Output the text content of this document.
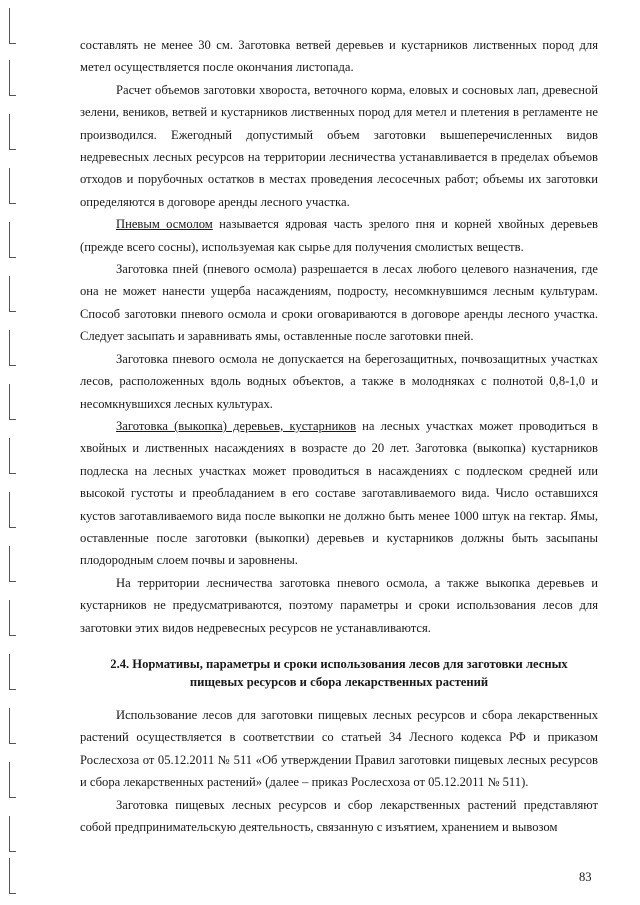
составлять не менее 30 см. Заготовка ветвей деревьев и кустарников лиственных пород для метел осуществляется после окончания листопада.

Расчет объемов заготовки хвороста, веточного корма, еловых и сосновых лап, древесной зелени, веников, ветвей и кустарников лиственных пород для метел и плетения в регламенте не производился. Ежегодный допустимый объем заготовки вышеперечисленных видов недревесных лесных ресурсов на территории лесничества устанавливается в пределах объемов отходов и порубочных остатков в местах проведения лесосечных работ; объемы их заготовки определяются в договоре аренды лесного участка.

Пневым осмолом называется ядровая часть зрелого пня и корней хвойных деревьев (прежде всего сосны), используемая как сырье для получения смолистых веществ.

Заготовка пней (пневого осмола) разрешается в лесах любого целевого назначения, где она не может нанести ущерба насаждениям, подросту, несомкнувшимся лесным культурам. Способ заготовки пневого осмола и сроки оговариваются в договоре аренды лесного участка. Следует засыпать и заравнивать ямы, оставленные после заготовки пней.

Заготовка пневого осмола не допускается на берегозащитных, почвозащитных участках лесов, расположенных вдоль водных объектов, а также в молодняках с полнотой 0,8-1,0 и несомкнувшихся лесных культурах.

Заготовка (выкопка) деревьев, кустарников на лесных участках может проводиться в хвойных и лиственных насаждениях в возрасте до 20 лет. Заготовка (выкопка) кустарников подлеска на лесных участках может проводиться в насаждениях с подлеском средней или высокой густоты и преобладанием в его составе заготавливаемого вида. Число оставшихся кустов заготавливаемого вида после выкопки не должно быть менее 1000 штук на гектар. Ямы, оставленные после заготовки (выкопки) деревьев и кустарников должны быть засыпаны плодородным слоем почвы и заровнены.

На территории лесничества заготовка пневого осмола, а также выкопка деревьев и кустарников не предусматриваются, поэтому параметры и сроки использования лесов для заготовки этих видов недревесных ресурсов не устанавливаются.

2.4. Нормативы, параметры и сроки использования лесов для заготовки лесных пищевых ресурсов и сбора лекарственных растений

Использование лесов для заготовки пищевых лесных ресурсов и сбора лекарственных растений осуществляется в соответствии со статьей 34 Лесного кодекса РФ и приказом Рослесхоза от 05.12.2011 № 511 «Об утверждении Правил заготовки пищевых лесных ресурсов и сбора лекарственных растений» (далее – приказ Рослесхоза от 05.12.2011 № 511).

Заготовка пищевых лесных ресурсов и сбор лекарственных растений представляют собой предпринимательскую деятельность, связанную с изъятием, хранением и вывозом

83
